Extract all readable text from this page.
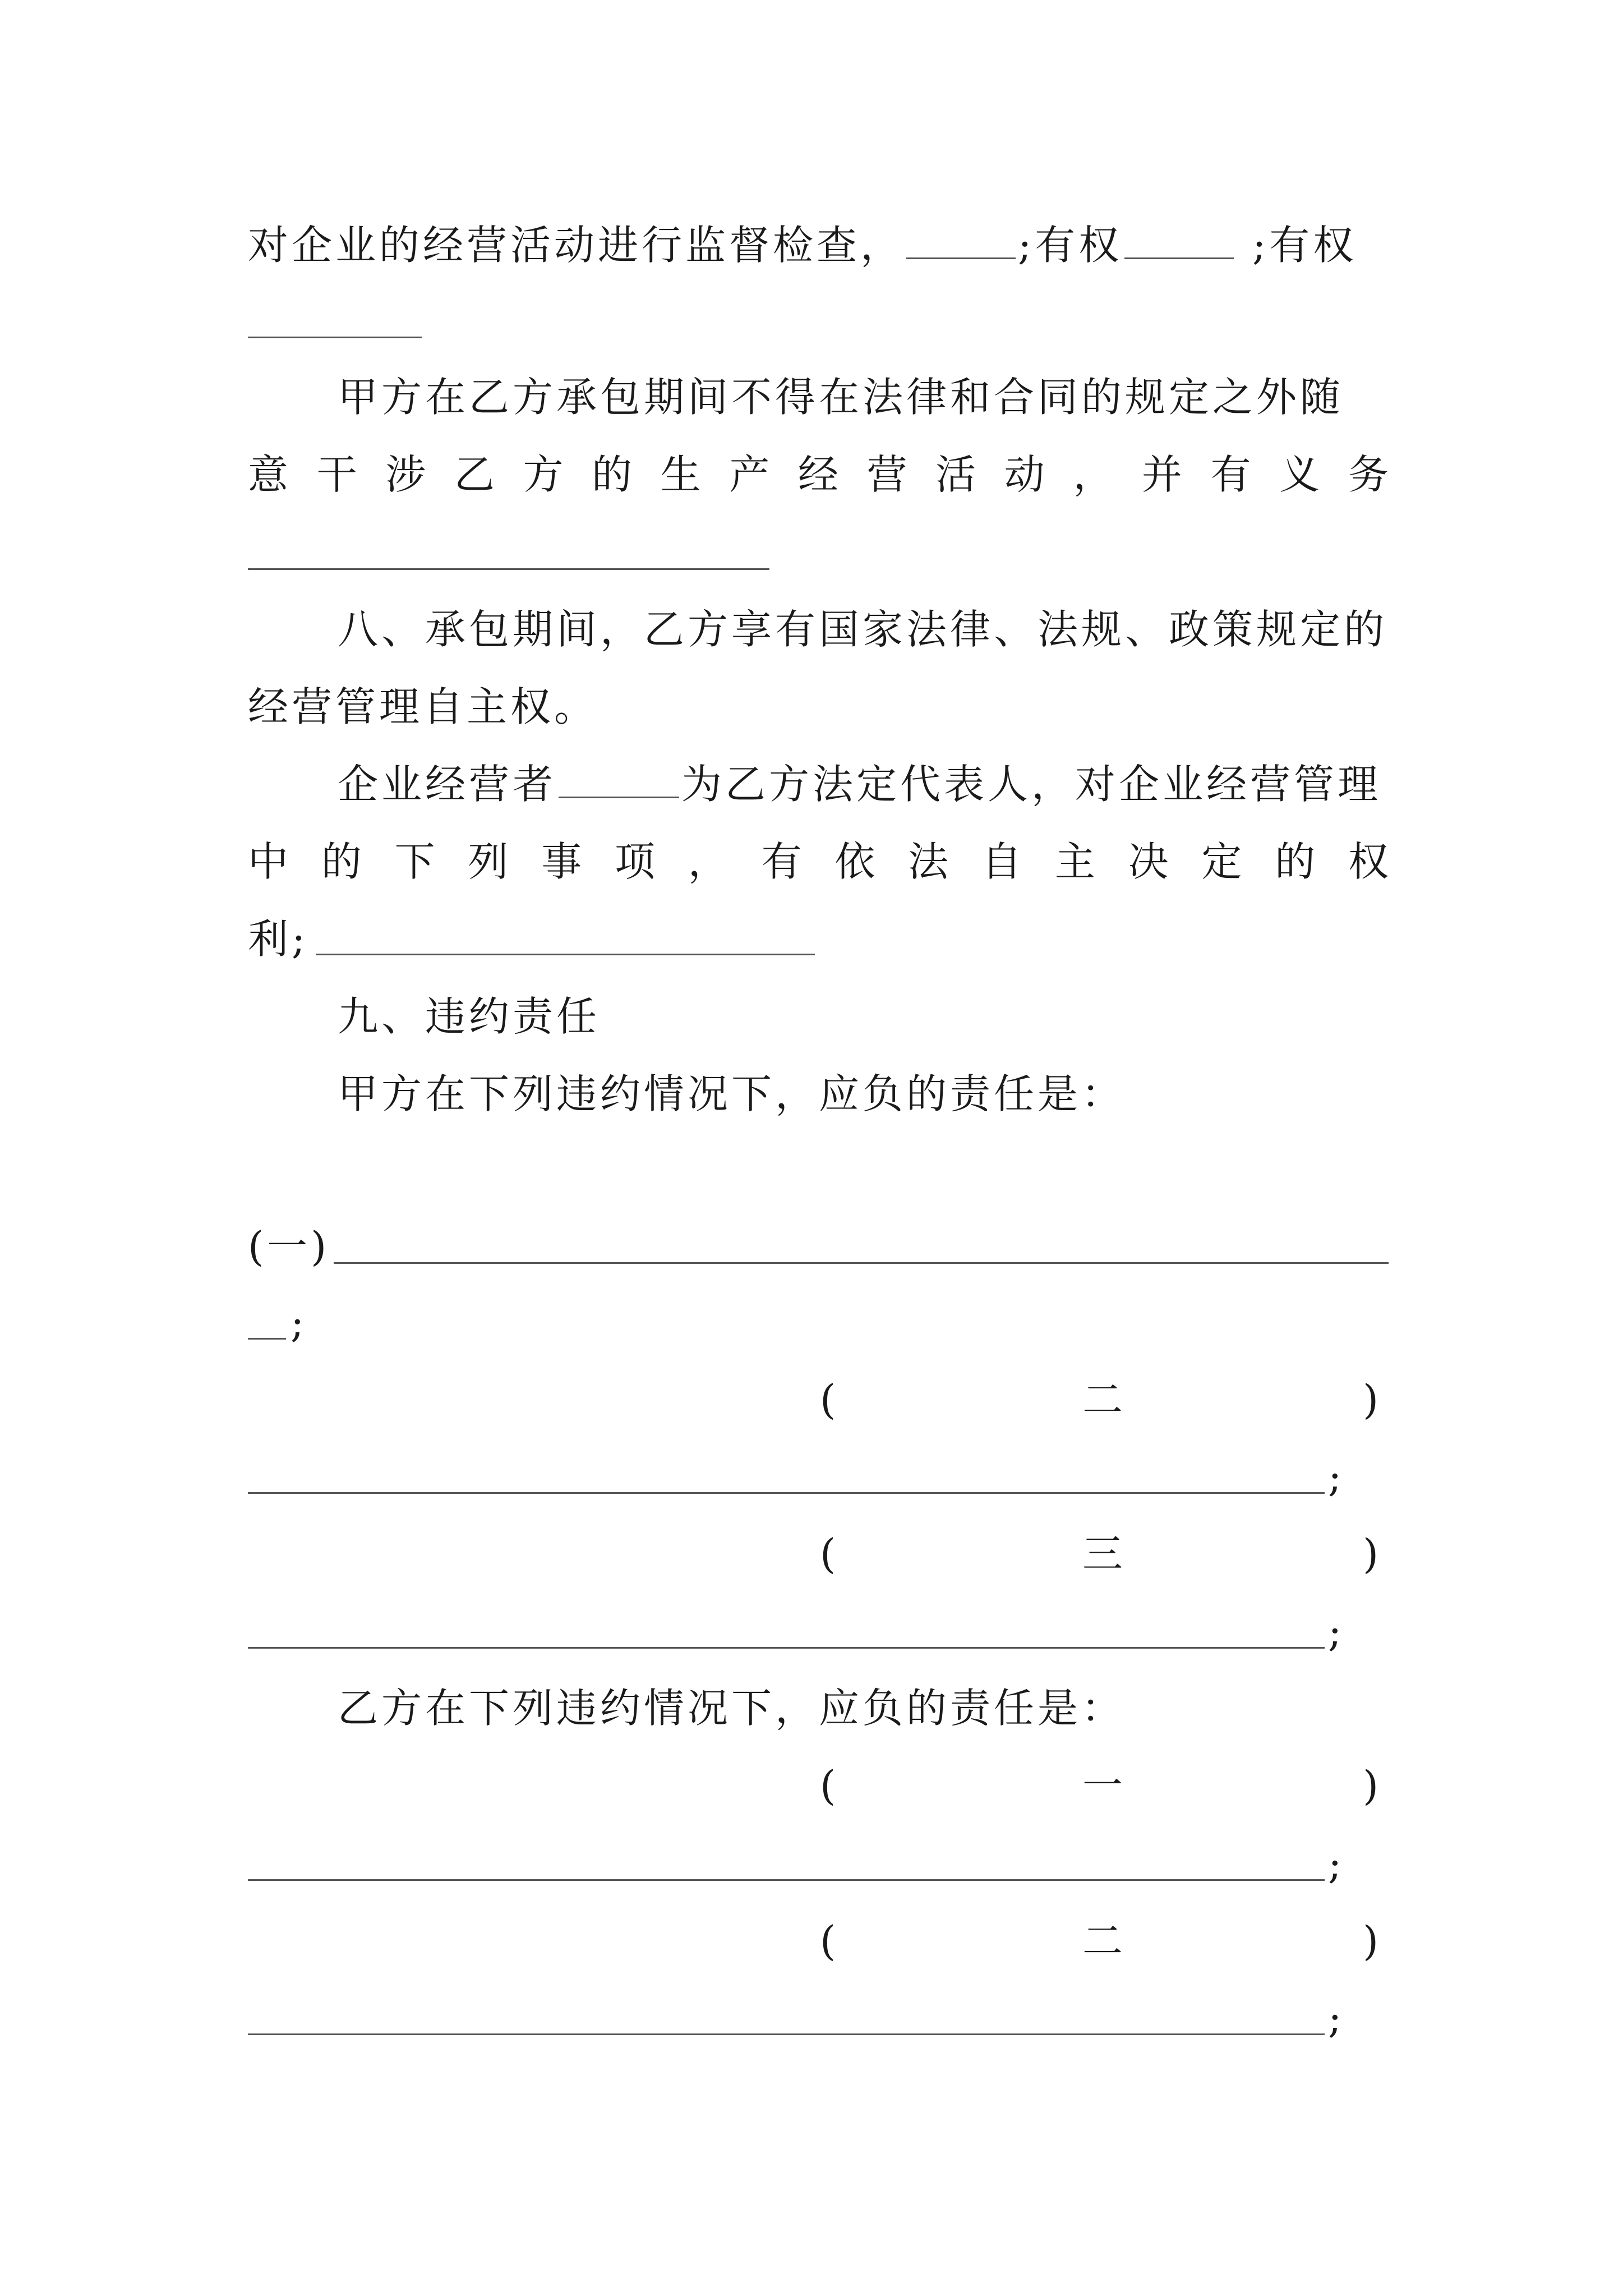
对企业的经营活动进行监督检查，	;有权	;有权
甲方在乙方承包期间不得在法律和合同的规定之外随
意 干 涉 乙 方 的 生 产 经 营 活 动 ， 并 有 义 务
八、承包期间，乙方享有国家法律、法规、政策规定的
经营管理自主权。
企业经营者	为乙方法定代表人，对企业经营管理
中 的 下 列 事 项 ， 有 依 法 自 主 决 定 的 权
利;
九、违约责任
甲方在下列违约情况下，应负的责任是：
(一)
;
(	二	)
;
(	三	)
;
乙方在下列违约情况下，应负的责任是：
(	一	)
;
(	二	)
;
